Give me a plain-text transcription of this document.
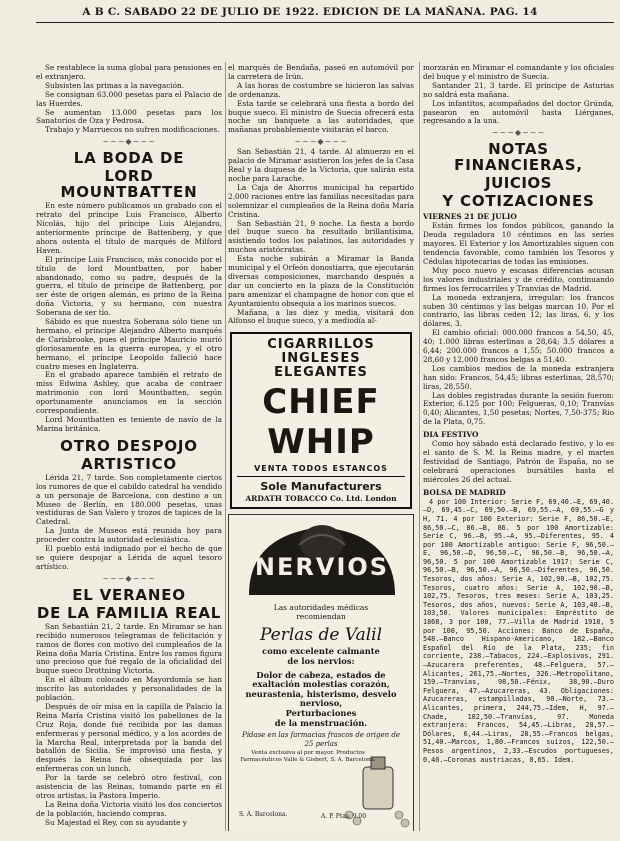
A B C. SABADO 22 DE JULIO DE 1922. EDICION DE LA MAÑANA. PAG. 14

Se restablece la suma global para pensiones en el extranjero.

Subsisten las primas a la navegación.

Se consignan 63.000 pesetas para el Palacio de las Huerdes.

Se aumentan 13.000 pesetas para los Sanatorios de Oza y Pedrosa.

Trabajo y Marruecos no sufren modificaciones.

~~~◆~~~
LA BODA DE
LORD MOUNTBATTEN

En este número publicamos un grabado con el retrato del príncipe Luis Francisco, Alberto Nicolás, hijo del príncipe Luis Alejandro, anteriormente príncipe de Battenberg, y que ahora ostenta el título de marqués de Milford Haven.

El príncipe Luis Francisco, más conocido por el título de lord Mountbatten, por haber abandonado, como su padre, después de la guerra, el título de príncipe de Battenberg, por ser éste de origen alemán, es primo de la Reina doña Victoria, y su hermano, con nuestra Soberana de ser tío.

Sábido es que nuestra Soberana sólo tiene un hermano, el príncipe Alejandro Alberto marqués de Carisbrooke, pues el príncipe Mauricio murió gloriosamente en la guerra europea, y el otro hermano, el príncipe Leopoldo falleció hace cuatro meses en Inglaterra.

En el grabado aparece también el retrato de miss Edwina Ashley, que acaba de contraer matrimonio con lord Mountbatten, según oportunamente anunciamos en la sección correspondiente.

Lord Mountbatten es teniente de navío de la Marina británica.

OTRO DESPOJO
ARTISTICO

Lérida 21, 7 tarde. Son completamente ciertos los rumores de que el cabildo catedral ha vendido a un personaje de Barcelona, con destino a un Museo de Berlín, en 180.000 pesetas, unas vestiduras de San Valero y trozos de tapices de la Catedral.

La Junta de Museos está reunida hoy para proceder contra la autoridad eclesiástica.

El pueblo está indignado por el hecho de que se quiere despojar a Lérida de aquel tesoro artístico.

~~~◆~~~
EL VERANEO
DE LA FAMILIA REAL

San Sebastián 21, 2 tarde. En Miramar se han recibido numerosos telegramas de felicitación y ramos de flores con motivo del cumpleaños de la Reina doña María Cristina. Entre los ramos figura uno precioso que fué regalo de la oficialidad del buque sueco Drottning Victoria.

En el álbum colocado en Mayordomía se han inscrito las autoridades y personalidades de la población.

Después de oír misa en la capilla de Palacio la Reina María Cristina visitó los pabellones de la Cruz Roja, donde fué recibida por las damas enfermeras y personal médico, y a los acordes de la Marcha Real, interpretada por la banda del batallón de Sicilia. Se improvisó una fiesta, y después la Reina fué obsequiada por las enfermeras con un lunch.

Por la tarde se celebró otro festival, con asistencia de las Reinas, tomando parte en él otros artistas, la Pastora Imperio.

La Reina doña Victoria visitó los dos conciertos de la población, haciendo compras.

Su Majestad el Rey, con su ayudante y

el marqués de Bendaña, paseó en automóvil por la carretera de Irún.

A las horas de costumbre se hicieron las salvas de ordenanza.

Esta tarde se celebrará una fiesta a bordo del buque sueco. El ministro de Suecia ofrecerá esta noche un banquete a las autoridades, que mañanas probablemente visitarán el barco.

~~~◆~~~

San Sebastián 21, 4 tarde. Al almuerzo en el palacio de Miramar asistieron los jefes de la Casa Real y la duquesa de la Victoria, que salirán esta noche para Larache.

La Caja de Ahorros municipal ha repartido 2.000 raciones entre las familias necesitadas para solemnizar el cumpleaños de la Reina doña María Cristina.

San Sebastián 21, 9 noche. La fiesta a bordo del buque sueco ha resultado brillantísima, asistiendo todos los palatinos, las autoridades y muchos aristócratas.

Esta noche subirán a Miramar la Banda municipal y el Orfeón donostiarra, que ejecutarán diversas composiciones, marchando después a dar un concierto en la plaza de la Constitución para amenizar el champagne de honor con que el Ayuntamiento obsequia a los marinos suecos.

Mañana, a las diez y media, visitará don Alfonso el buque sueco, y a mediodía al-

CIGARRILLOS INGLESES
ELEGANTES
CHIEF WHIP
VENTA TODOS ESTANCOS
Sole Manufacturers
ARDATH TOBACCO Co. Ltd. London
NERVIOS
Las autoridades médicas
recomiendan
Perlas de Valil
como excelente calmante
de los nervios:
Dolor de cabeza, estados de exaltación molestias corazón, neurastenia, histerismo, desvelo nervioso,
Perturbaciones
de la menstruación.
Pídase en las farmacias frascos de origen de 25 perlas
Venta exclusiva al por mayor. Productos Farmacéuticos Valle & Gisbert, S. A. Barcelona.
S. A. Barcelona.	A. P. Ptas. 9.00

morzarán en Miramar el comandante y los oficiales del buque y el ministro de Suecia.

Santander 21, 3 tarde. El príncipe de Asturias no saldrá esta mañana.

Los infantitos, acompañados del doctor Grúnda, pasearon en automóvil hasta Liérganes, regresando a la una.

~~~◆~~~
NOTAS FINANCIERAS,
JUICIOS
Y COTIZACIONES
VIERNES 21 DE JULIO

Están firmes los fondos públicos, ganando la Deuda reguladora 10 céntimos en las series mayores. El Exterior y los Amortizables siguen con tendencia favorable, como también los Tesoros y Cédulas hipotecarias de todas las emisiones.

Muy poco nuevo y escasas diferencias acusan los valores industriales y de crédito, continuando firmes los ferrocarriles y Tranvías de Madrid.

La moneda extranjera, irregular: los francos suben 30 céntimos y las belgas marcan 10. Por el contrario, las libras ceden 12; las liras, 6, y los dólares, 3.

El cambio oficial: 000.000 francos a 54,50, 45, 40; 1.000 libras esterlinas a 28,64; 3.5 dólares a 6,44; 200.000 francos a 1,55; 50.000 francos a 28,60 y 12,000 francos belgas a 51,40.

Los cambios medios de la moneda extranjera han sido: Francos, 54,45; libras esterlinas, 28,570; liras, 28,550.

Las dobles registradas durante la sesión fueron: Exterior, 6.125 por 100; Felgueras, 0,10; Tranvías 0,40; Alicantes, 1,50 pesetas; Nortes, 7,50-375; Río de la Plata, 0,75.

DIA FESTIVO

Como hoy sábado está declarado festivo, y lo es el santo de S. M. la Reina madre, y el martes festividad de Santiago, Patrón de España, no se celebrará operaciones bursátiles hasta el miércoles 26 del actual.

BOLSA DE MADRID

4 por 100 Interior: Serie F, 69,40.—E, 69,40.—D, 69,45.—C, 69,50.—B, 69,55.—A, 69,55.—G y H, 71. 4 por 100 Exterior: Serie F, 86,50.—E, 86,50.—C, 86.—B, 86. 5 por 100 Amortizable: Serie C, 96.—B, 95.—A, 95.—Diferentes, 95. 4 por 100 Amortizable antiguo: Serie F, 96,50.—E, 96,50.—D, 96,50.—C, 96,50.—B, 96,50.—A, 96,50. 5 por 100 Amortizable 1917: Serie C, 96,50.—B, 96,50.—A, 96,50.—Diferentes, 96,50. Tesoros, dos años: Serie A, 102,90.—B, 102,75. Tesoros, cuatro años: Serie A, 102,90.—B, 102,75. Tesoros, tres meses: Serie A, 103,25. Tesoros, dos años, nuevos: Serie A, 103,40.—B, 103,50. Valores municipales: Empréstito de 1868, 3 por 100, 77.—Villa de Madrid 1918, 5 por 100, 95,50. Acciones: Banco de España, 548.—Banco Hispano-Americano, 182.—Banco Español del Río de la Plata, 235; fin corriente, 238.—Tabacos, 224.—Explosivos, 291.—Azucarera preferentes, 48.—Felguera, 57.—Alicantes, 261,75.—Nortes, 326.—Metropolitano, 159.—Tranvías, 98,50.—Fénix, 38,90.—Duro Felguera, 47.—Azucareras, 43. Obligaciones: Azucareras, estampilladas, 90.—Norte, 73.—Alicantes, primera, 244,75.—Idem, H, 97.—Chade, 102,50.—Tranvías, 97. Moneda extranjera: Francos, 54,45.—Libras, 28,57.—Dólares, 6,44.—Liras, 28,55.—Francos belgas, 51,40.—Marcos, 1,80.—Francos suizos, 122,50.—Pesos argentinos, 2,33.—Escudos portugueses, 0,40.—Coronas austriacas, 0,65. Idem.
